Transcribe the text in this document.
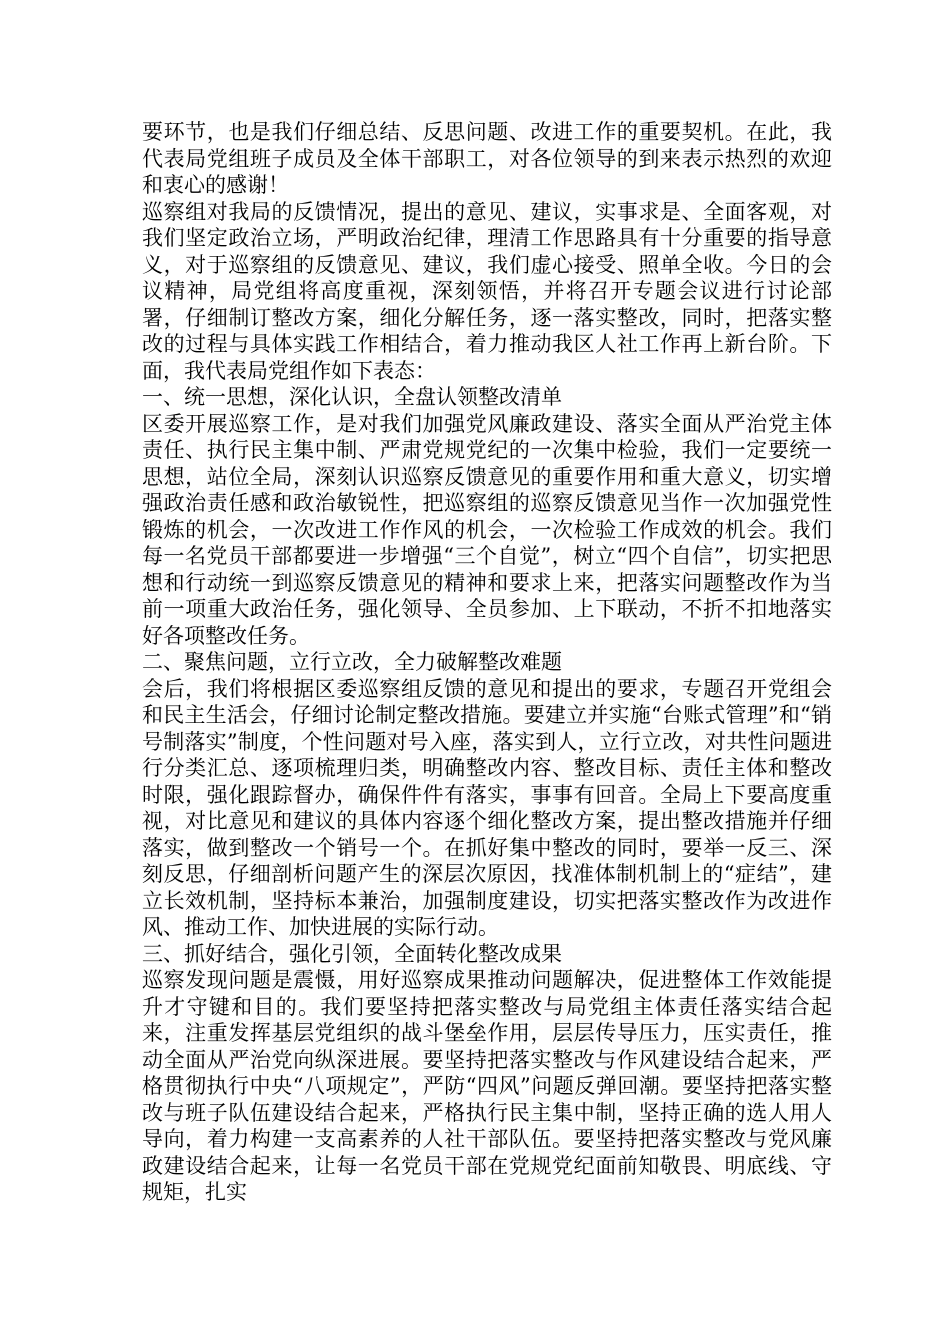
要环节，也是我们仔细总结、反思问题、改进工作的重要契机。在此，我代表局党组班子成员及全体干部职工，对各位领导的到来表示热烈的欢迎和衷心的感谢！

巡察组对我局的反馈情况，提出的意见、建议，实事求是、全面客观，对我们坚定政治立场，严明政治纪律，理清工作思路具有十分重要的指导意义，对于巡察组的反馈意见、建议，我们虚心接受、照单全收。今日的会议精神，局党组将高度重视，深刻领悟，并将召开专题会议进行讨论部署，仔细制订整改方案，细化分解任务，逐一落实整改，同时，把落实整改的过程与具体实践工作相结合，着力推动我区人社工作再上新台阶。下面，我代表局党组作如下表态：

一、统一思想，深化认识，全盘认领整改清单

区委开展巡察工作，是对我们加强党风廉政建设、落实全面从严治党主体责任、执行民主集中制、严肃党规党纪的一次集中检验，我们一定要统一思想，站位全局，深刻认识巡察反馈意见的重要作用和重大意义，切实增强政治责任感和政治敏锐性，把巡察组的巡察反馈意见当作一次加强党性锻炼的机会，一次改进工作作风的机会，一次检验工作成效的机会。我们每一名党员干部都要进一步增强“三个自觉”，树立“四个自信”，切实把思想和行动统一到巡察反馈意见的精神和要求上来，把落实问题整改作为当前一项重大政治任务，强化领导、全员参加、上下联动，不折不扣地落实好各项整改任务。

二、聚焦问题，立行立改，全力破解整改难题

会后，我们将根据区委巡察组反馈的意见和提出的要求，专题召开党组会和民主生活会，仔细讨论制定整改措施。要建立并实施“台账式管理”和“销号制落实”制度，个性问题对号入座，落实到人，立行立改，对共性问题进行分类汇总、逐项梳理归类，明确整改内容、整改目标、责任主体和整改时限，强化跟踪督办，确保件件有落实，事事有回音。全局上下要高度重视，对比意见和建议的具体内容逐个细化整改方案，提出整改措施并仔细落实，做到整改一个销号一个。在抓好集中整改的同时，要举一反三、深刻反思，仔细剖析问题产生的深层次原因，找准体制机制上的“症结”，建立长效机制，坚持标本兼治，加强制度建设，切实把落实整改作为改进作风、推动工作、加快进展的实际行动。

三、抓好结合，强化引领，全面转化整改成果

巡察发现问题是震慑，用好巡察成果推动问题解决，促进整体工作效能提升才守键和目的。我们要坚持把落实整改与局党组主体责任落实结合起来，注重发挥基层党组织的战斗堡垒作用，层层传导压力，压实责任，推动全面从严治党向纵深进展。要坚持把落实整改与作风建设结合起来，严格贯彻执行中央“八项规定”，严防“四风”问题反弹回潮。要坚持把落实整改与班子队伍建设结合起来，严格执行民主集中制，坚持正确的选人用人导向，着力构建一支高素养的人社干部队伍。要坚持把落实整改与党风廉政建设结合起来，让每一名党员干部在党规党纪面前知敬畏、明底线、守规矩，扎实
